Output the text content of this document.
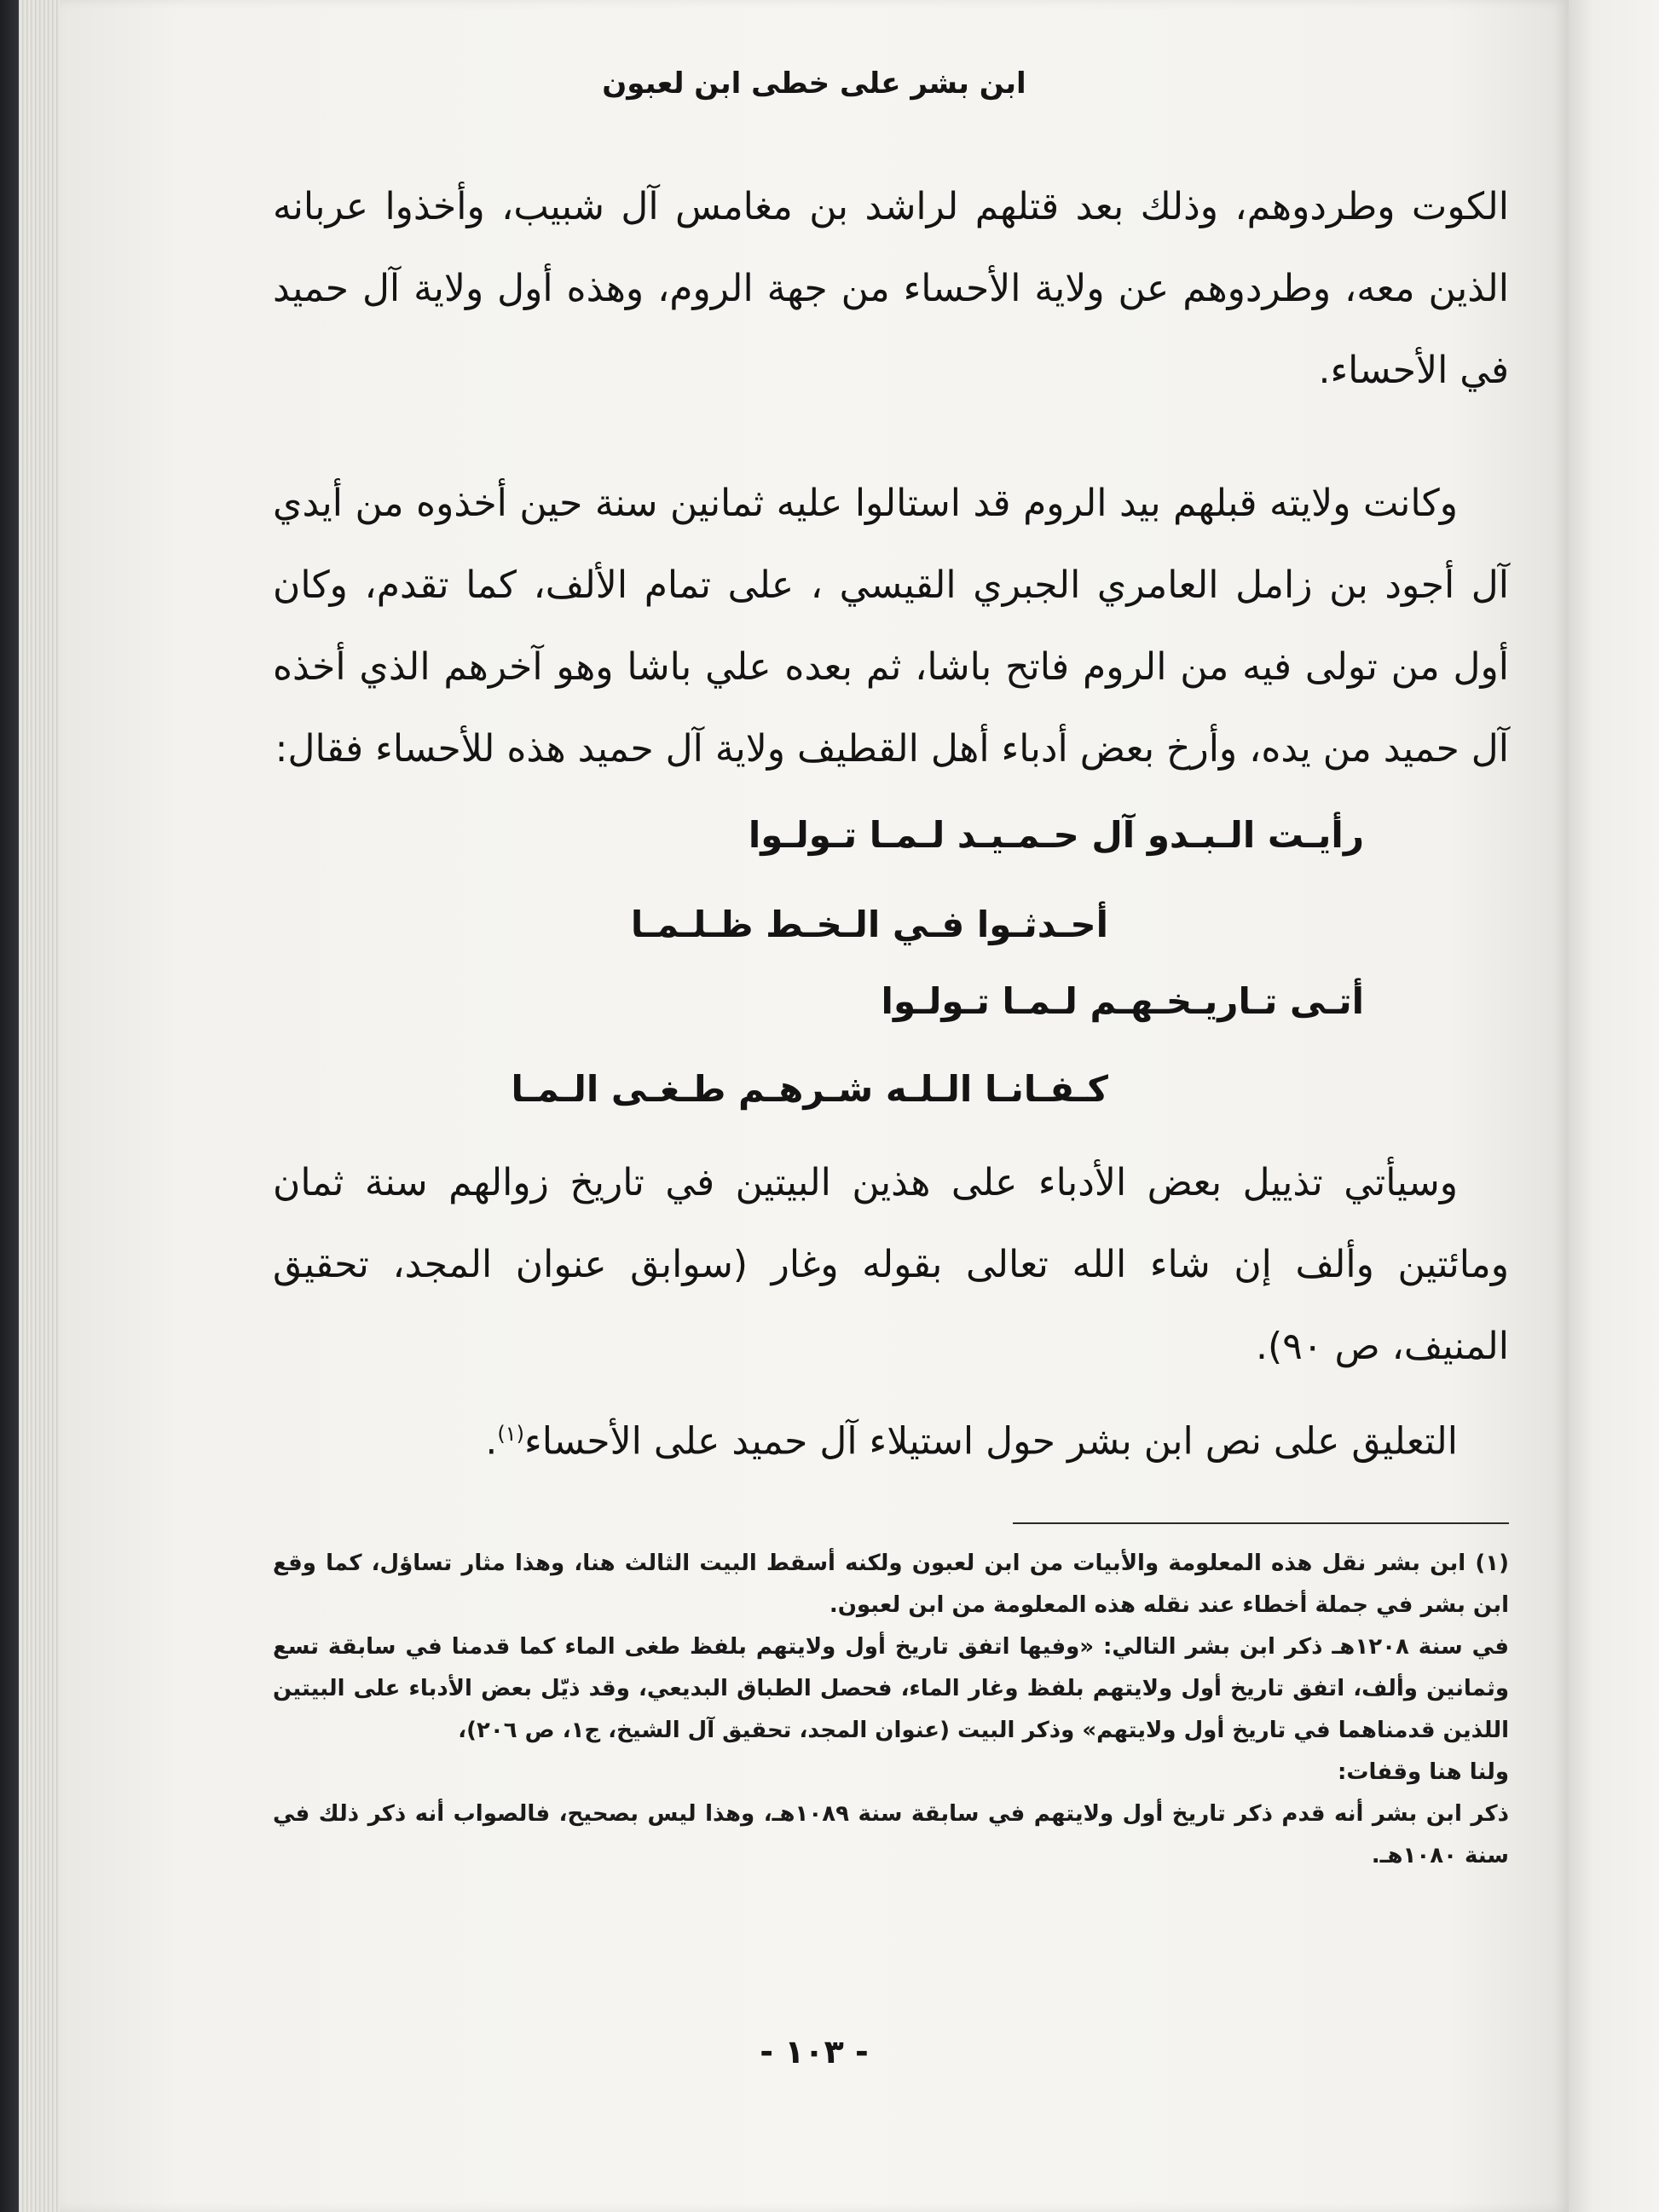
ابن بشر على خطى ابن لعبون

الكوت وطردوهم، وذلك بعد قتلهم لراشد بن مغامس آل شبيب، وأخذوا عربانه الذين معه، وطردوهم عن ولاية الأحساء من جهة الروم، وهذه أول ولاية آل حميد في الأحساء.

وكانت ولايته قبلهم بيد الروم قد استالوا عليه ثمانين سنة حين أخذوه من أيدي آل أجود بن زامل العامري الجبري القيسي ، على تمام الألف، كما تقدم، وكان أول من تولى فيه من الروم فاتح باشا، ثم بعده علي باشا وهو آخرهم الذي أخذه آل حميد من يده، وأرخ بعض أدباء أهل القطيف ولاية آل حميد هذه للأحساء فقال:

رأيـت الـبـدو آل حـمـيـد لـمـا تـولـوا
أحـدثـوا فـي الـخـط ظـلـمـا
أتـى تـاريـخـهـم لـمـا تـولـوا
كـفـانـا الـلـه شـرهـم طـغـى الـمـا

وسيأتي تذييل بعض الأدباء على هذين البيتين في تاريخ زوالهم سنة ثمان ومائتين وألف إن شاء الله تعالى بقوله وغار (سوابق عنوان المجد، تحقيق المنيف، ص ٩٠).

التعليق على نص ابن بشر حول استيلاء آل حميد على الأحساء$^{(١)}$.

(١) ابن بشر نقل هذه المعلومة والأبيات من ابن لعبون ولكنه أسقط البيت الثالث هنا، وهذا مثار تساؤل، كما وقع ابن بشر في جملة أخطاء عند نقله هذه المعلومة من ابن لعبون.

في سنة ١٢٠٨هـ ذكر ابن بشر التالي: «وفيها اتفق تاريخ أول ولايتهم بلفظ طغى الماء كما قدمنا في سابقة تسع وثمانين وألف، اتفق تاريخ أول ولايتهم بلفظ وغار الماء، فحصل الطباق البديعي، وقد ذيّل بعض الأدباء على البيتين اللذين قدمناهما في تاريخ أول ولايتهم» وذكر البيت (عنوان المجد، تحقيق آل الشيخ، ج١، ص ٢٠٦)،

ولنا هنا وقفات:

ذكر ابن بشر أنه قدم ذكر تاريخ أول ولايتهم في سابقة سنة ١٠٨٩هـ، وهذا ليس بصحيح، فالصواب أنه ذكر ذلك في سنة ١٠٨٠هـ.

- ١٠٣ -
